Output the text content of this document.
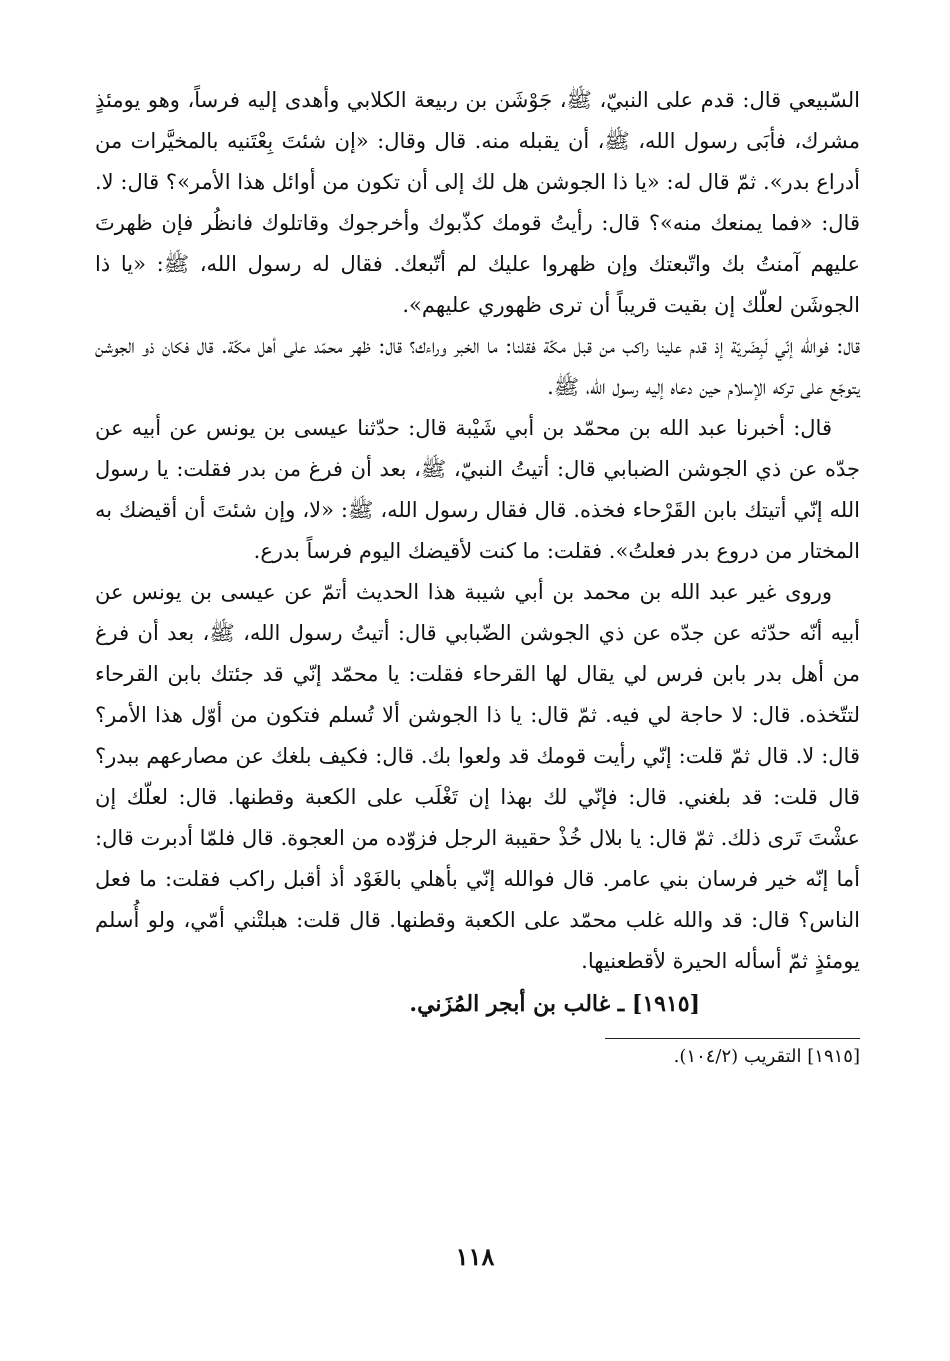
السّبيعي قال: قدم على النبيّ، ﷺ، جَوْشَن بن ربيعة الكلابي وأهدى إليه فرساً، وهو يومئذٍ مشرك، فأبَى رسول الله، ﷺ، أن يقبله منه. قال وقال: «إن شئتَ بِعْتَنيه بالمخيَّرات من أدراع بدر». ثمّ قال له: «يا ذا الجوشن هل لك إلى أن تكون من أوائل هذا الأمر»؟ قال: لا. قال: «فما يمنعك منه»؟ قال: رأيتُ قومك كذّبوك وأخرجوك وقاتلوك فانظُر فإن ظهرتَ عليهم آمنتُ بك واتّبعتك وإن ظهروا عليك لم أتّبعك. فقال له رسول الله، ﷺ: «يا ذا الجوشَن لعلّك إن بقيت قريباً أن ترى ظهوري عليهم».

قال: فوالله إنّي لَبِضَريّة إذ قدم علينا راكب من قبل مكّة فقلنا: ما الخبر وراءك؟ قال: ظهر محمّد على أهل مكّة. قال فكان ذو الجوشن يتوجّع على تركه الإسلام حين دعاه إليه رسول الله، ﷺ.

قال: أخبرنا عبد الله بن محمّد بن أبي شَيْبة قال: حدّثنا عيسى بن يونس عن أبيه عن جدّه عن ذي الجوشن الضبابي قال: أتيتُ النبيّ، ﷺ، بعد أن فرغ من بدر فقلت: يا رسول الله إنّي أتيتك بابن القَرْحاء فخذه. قال فقال رسول الله، ﷺ: «لا، وإن شئتَ أن أقيضك به المختار من دروع بدر فعلتُ». فقلت: ما كنت لأقيضك اليوم فرساً بدرع.

وروى غير عبد الله بن محمد بن أبي شيبة هذا الحديث أتمّ عن عيسى بن يونس عن أبيه أنّه حدّثه عن جدّه عن ذي الجوشن الضّبابي قال: أتيتُ رسول الله، ﷺ، بعد أن فرغ من أهل بدر بابن فرس لي يقال لها القرحاء فقلت: يا محمّد إنّي قد جئتك بابن القرحاء لتتّخذه. قال: لا حاجة لي فيه. ثمّ قال: يا ذا الجوشن ألا تُسلم فتكون من أوّل هذا الأمر؟ قال: لا. قال ثمّ قلت: إنّي رأيت قومك قد ولعوا بك. قال: فكيف بلغك عن مصارعهم ببدر؟ قال قلت: قد بلغني. قال: فإنّي لك بهذا إن تَغْلَب على الكعبة وقطنها. قال: لعلّك إن عشْتَ تَرى ذلك. ثمّ قال: يا بلال خُذْ حقيبة الرجل فزوّده من العجوة. قال فلمّا أدبرت قال: أما إنّه خير فرسان بني عامر. قال فوالله إنّي بأهلي بالغَوْد أذ أقبل راكب فقلت: ما فعل الناس؟ قال: قد والله غلب محمّد على الكعبة وقطنها. قال قلت: هبلتْني أمّي، ولو أُسلم يومئذٍ ثمّ أسأله الحيرة لأقطعنيها.

[١٩١٥] ـ غالب بن أبجر المُزَني.
[١٩١٥] التقريب (١٠٤/٢).
١١٨
